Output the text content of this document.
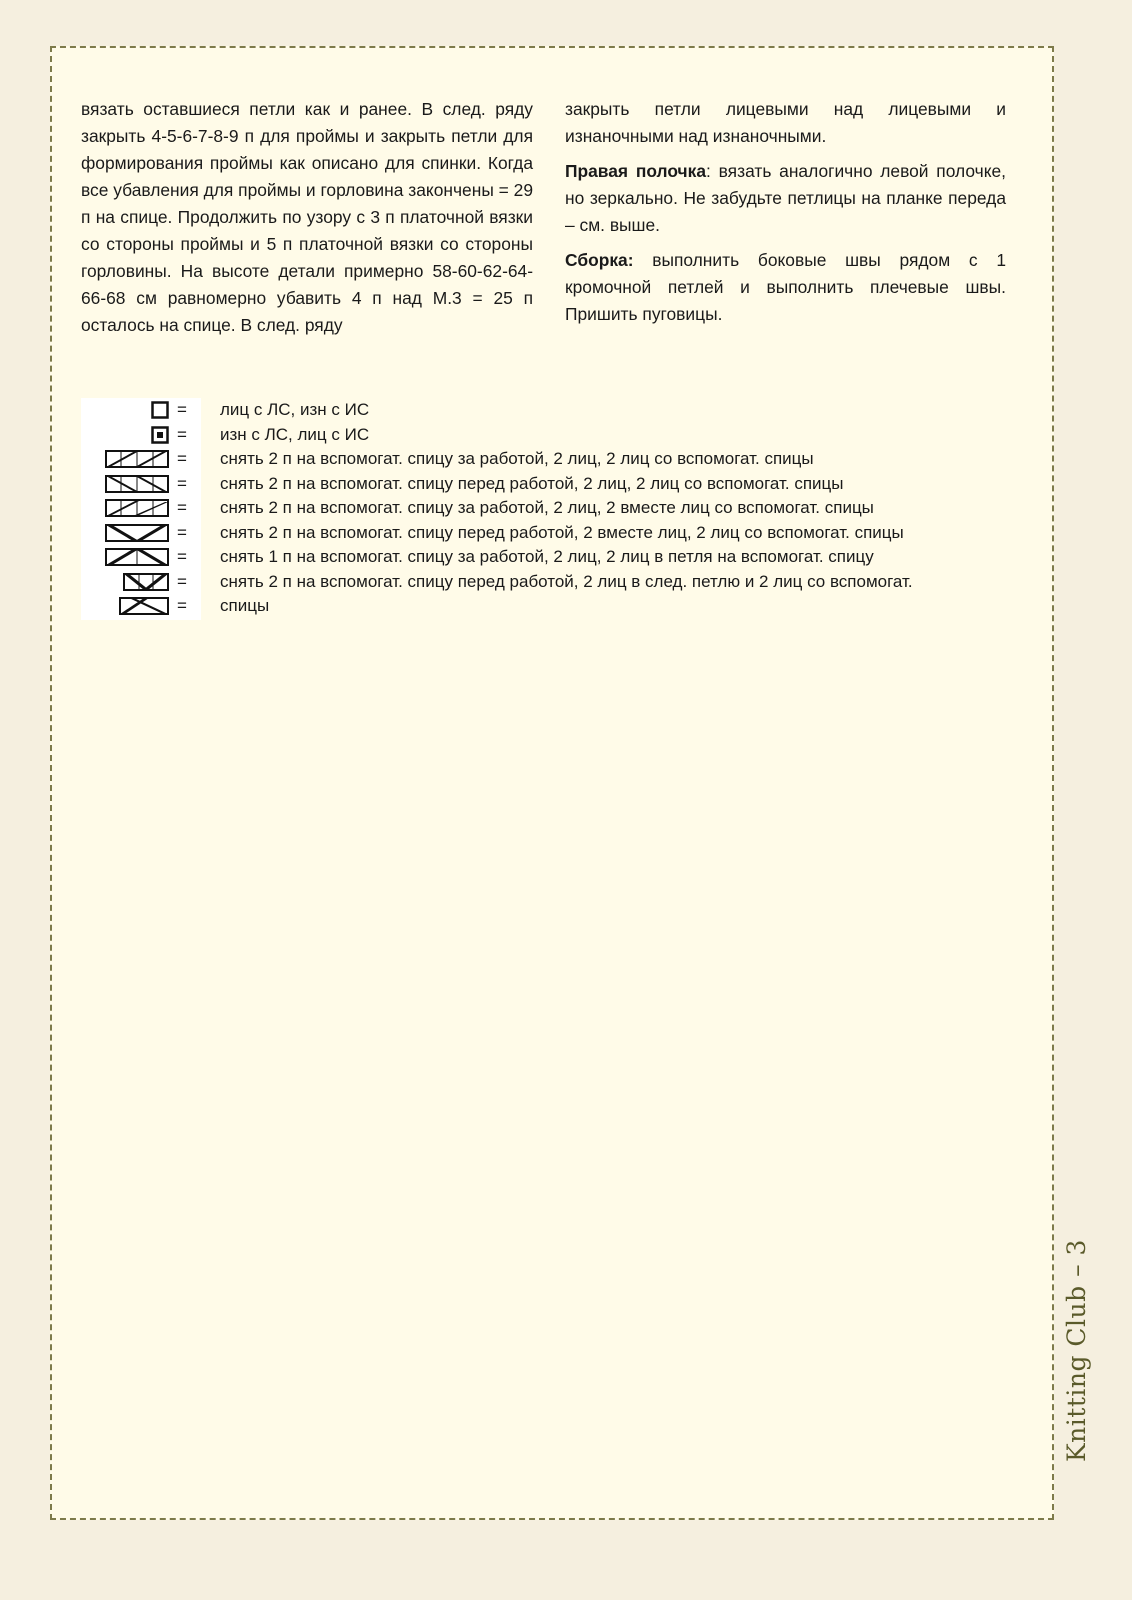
вязать оставшиеся петли как и ранее. В след. ряду закрыть 4-5-6-7-8-9 п для проймы и закрыть петли для формирования проймы как описано для спинки. Когда все убавления для проймы и горловина закончены = 29 п на спице. Продолжить по узору с 3 п платочной вязки со стороны проймы и 5 п платочной вязки со стороны горловины. На высоте детали примерно 58-60-62-64-66-68 см равномерно убавить 4 п над М.3 = 25 п осталось на спице. В след. ряду

закрыть петли лицевыми над лицевыми и изнаночными над изнаночными.

Правая полочка: вязать аналогично левой полочке, но зеркально. Не забудьте петлицы на планке переда – см. выше.

Сборка: выполнить боковые швы рядом с 1 кромочной петлей и выполнить плечевые швы. Пришить пуговицы.

= лиц с ЛС, изн с ИС
= изн с ЛС, лиц с ИС
= снять 2 п на вспомогат. спицу за работой, 2 лиц, 2 лиц со вспомогат. спицы
= снять 2 п на вспомогат. спицу перед работой, 2 лиц, 2 лиц со вспомогат. спицы
= снять 2 п на вспомогат. спицу за работой, 2 лиц, 2 вместе лиц со вспомогат. спицы
= снять 2 п на вспомогат. спицу перед работой, 2 вместе лиц, 2 лиц со вспомогат. спицы
= снять 1 п на вспомогат. спицу за работой, 2 лиц, 2 лиц в петля на вспомогат. спицу
= снять 2 п на вспомогат. спицу перед работой, 2 лиц в след. петлю и 2 лиц со вспомогат.
= спицы
Knitting Club – 3
